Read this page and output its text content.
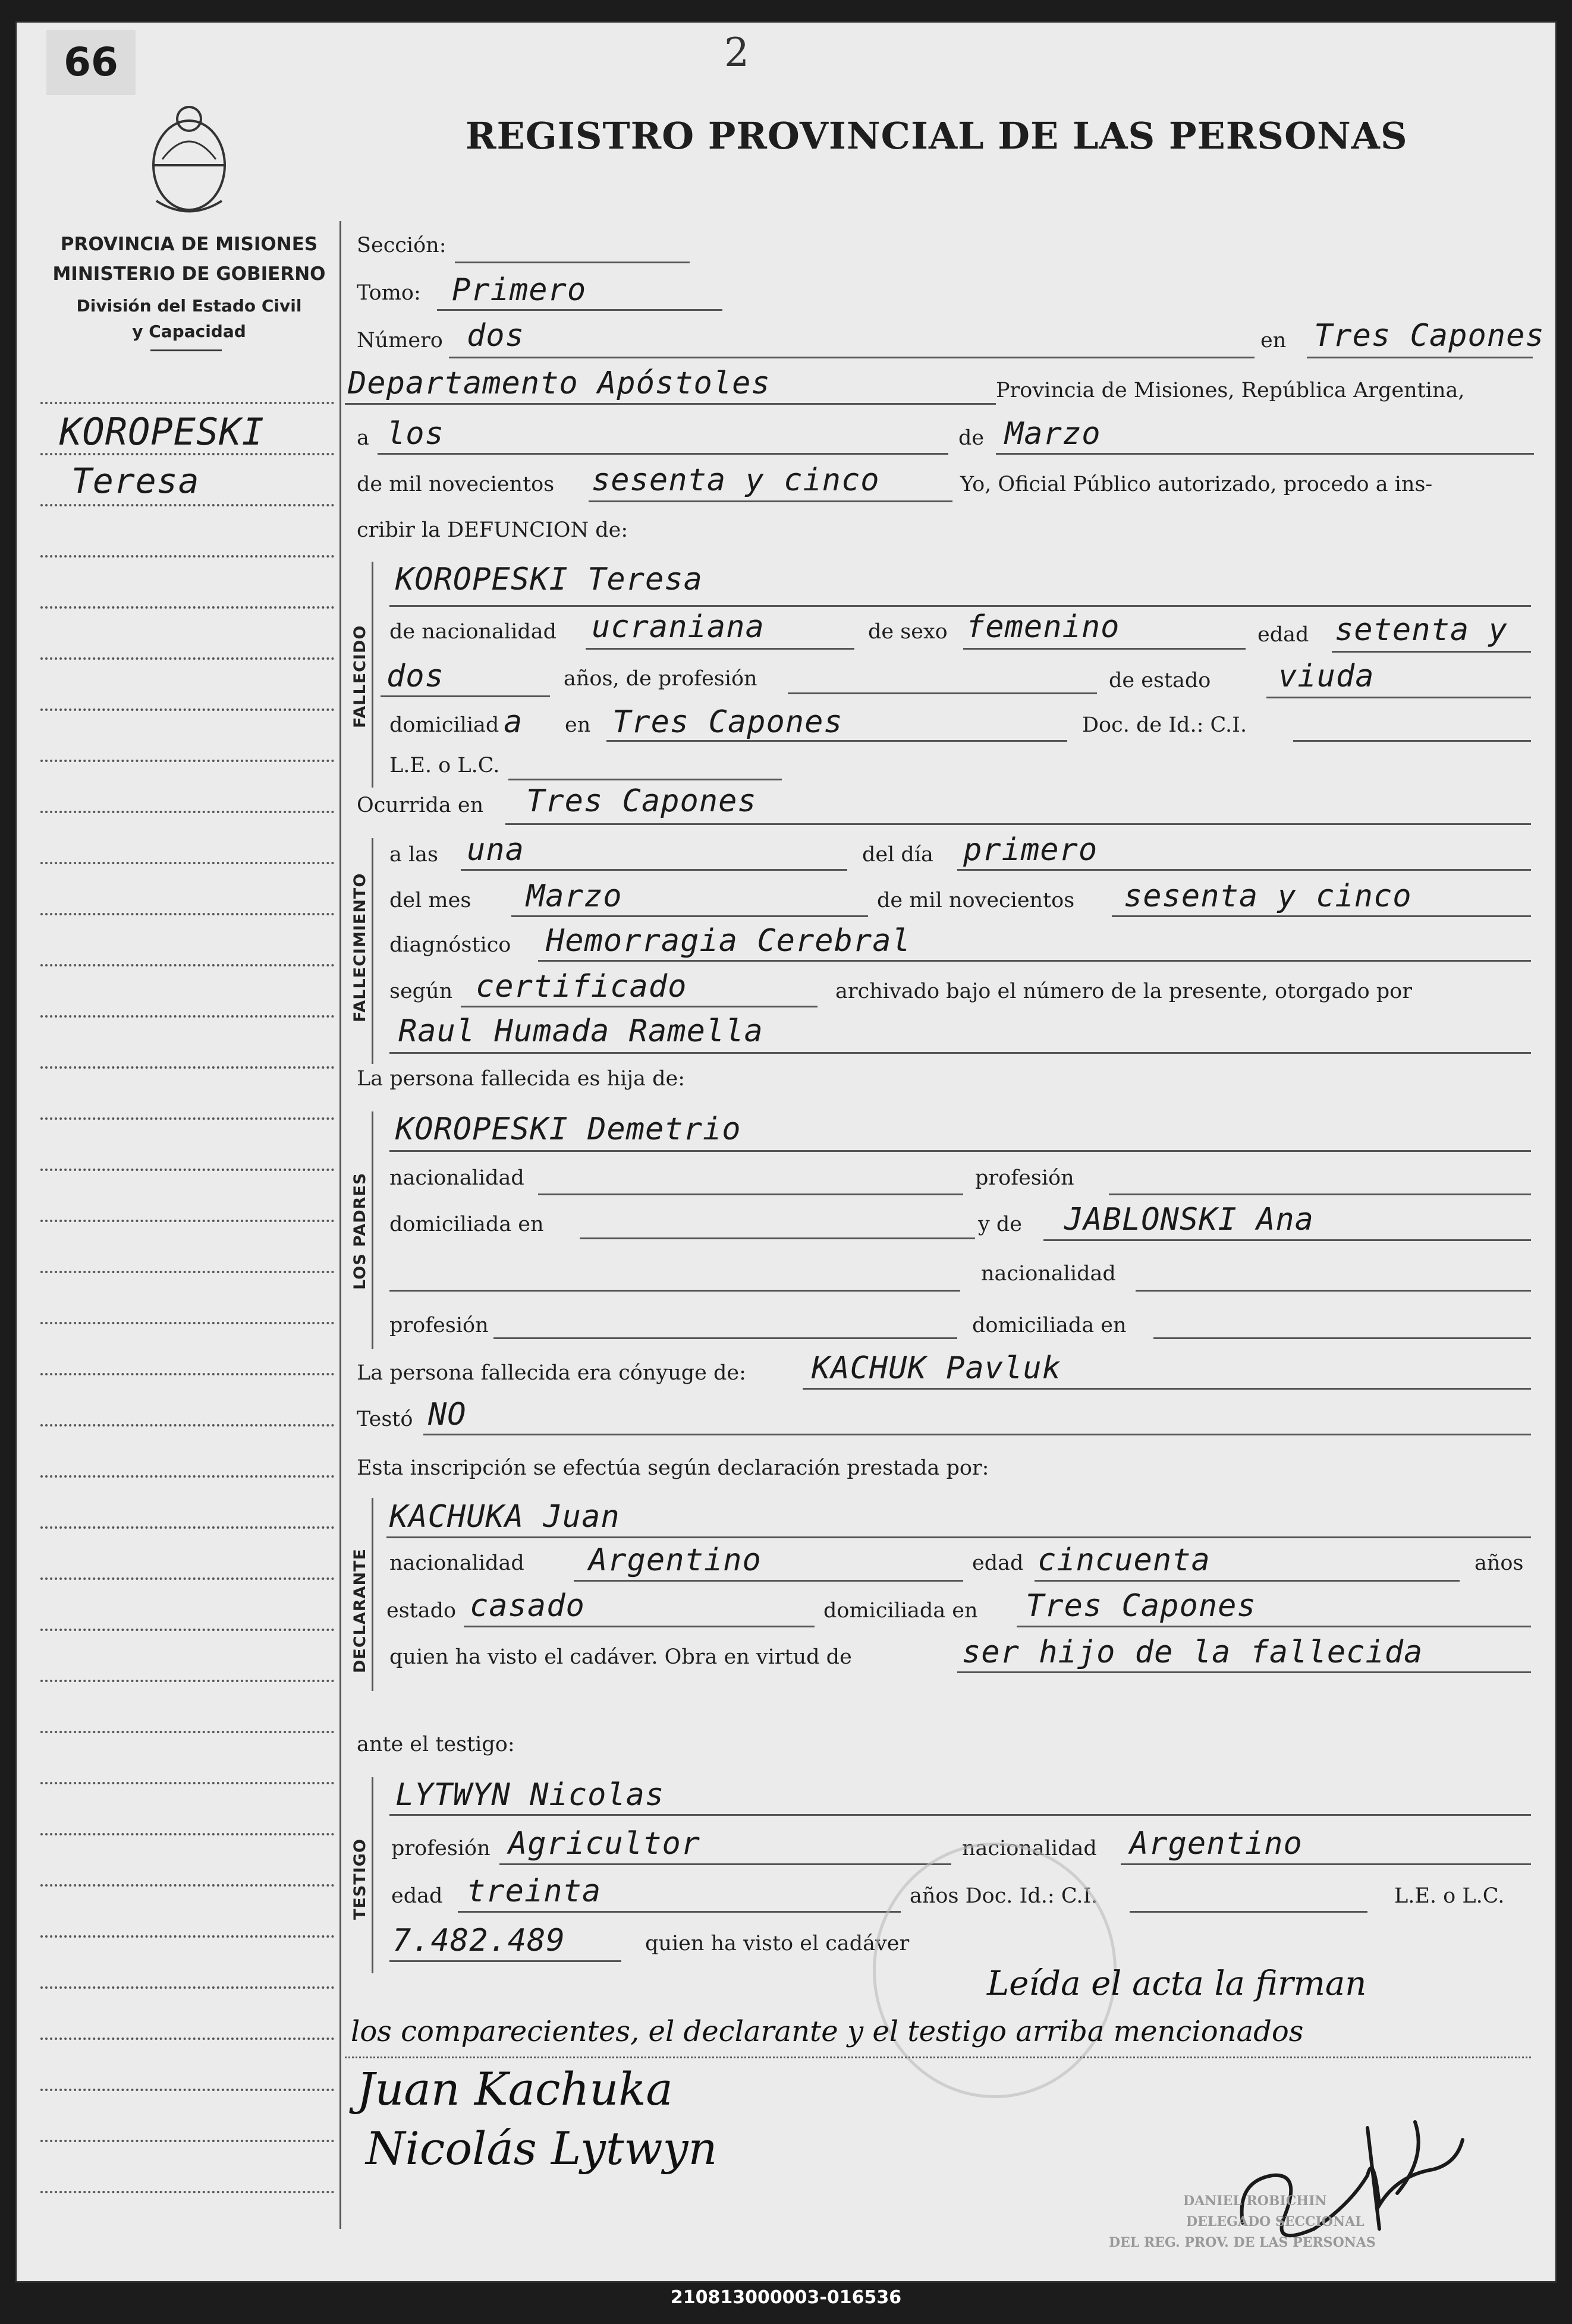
66	2
REGISTRO PROVINCIAL DE LAS PERSONAS
PROVINCIA DE MISIONES
MINISTERIO DE GOBIERNO
División del Estado Civil
y Capacidad
KOROPESKI
Teresa
Sección:
Tomo: Primero
Número dos	en Tres Capones
Departamento Apóstoles	Provincia de Misiones, República Argentina,
a los	de Marzo
de mil novecientos sesenta y cinco	Yo, Oficial Público autorizado, procedo a ins-
cribir la DEFUNCION de:
FALLECIDO
KOROPESKI Teresa
de nacionalidad ucraniana	de sexo femenino	edad setenta y
dos	años, de profesión	de estado viuda
domiciliad a en Tres Capones	Doc. de Id.: C.I.
L.E. o L.C.
Ocurrida en Tres Capones
FALLECIMIENTO
a las una	del día primero
del mes Marzo	de mil novecientos sesenta y cinco
diagnóstico Hemorragia Cerebral
según certificado	archivado bajo el número de la presente, otorgado por
Raul Humada Ramella
La persona fallecida es hija de:
LOS PADRES
KOROPESKI Demetrio
nacionalidad	profesión
domiciliada en	y de JABLONSKI Ana
nacionalidad
profesión	domiciliada en
La persona fallecida era cónyuge de: KACHUK Pavluk
Testó NO
Esta inscripción se efectúa según declaración prestada por:
DECLARANTE
KACHUKA Juan
nacionalidad Argentino	edad cincuenta	años
estado casado	domiciliada en Tres Capones
quien ha visto el cadáver. Obra en virtud de	ser hijo de la fallecida
ante el testigo:
TESTIGO
LYTWYN Nicolas
profesión Agricultor	nacionalidad Argentino
edad treinta	años Doc. Id.: C.I.	L.E. o L.C.
7.482.489	quien ha visto el cadáver
Leída el acta la firman
los comparecientes, el declarante y el testigo arriba mencionados
Juan Kachuka
Nicolás Lytwyn
DANIEL ROBICHIN
DELEGADO SECCIONAL
DEL REG. PROV. DE LAS PERSONAS
210813000003-016536
